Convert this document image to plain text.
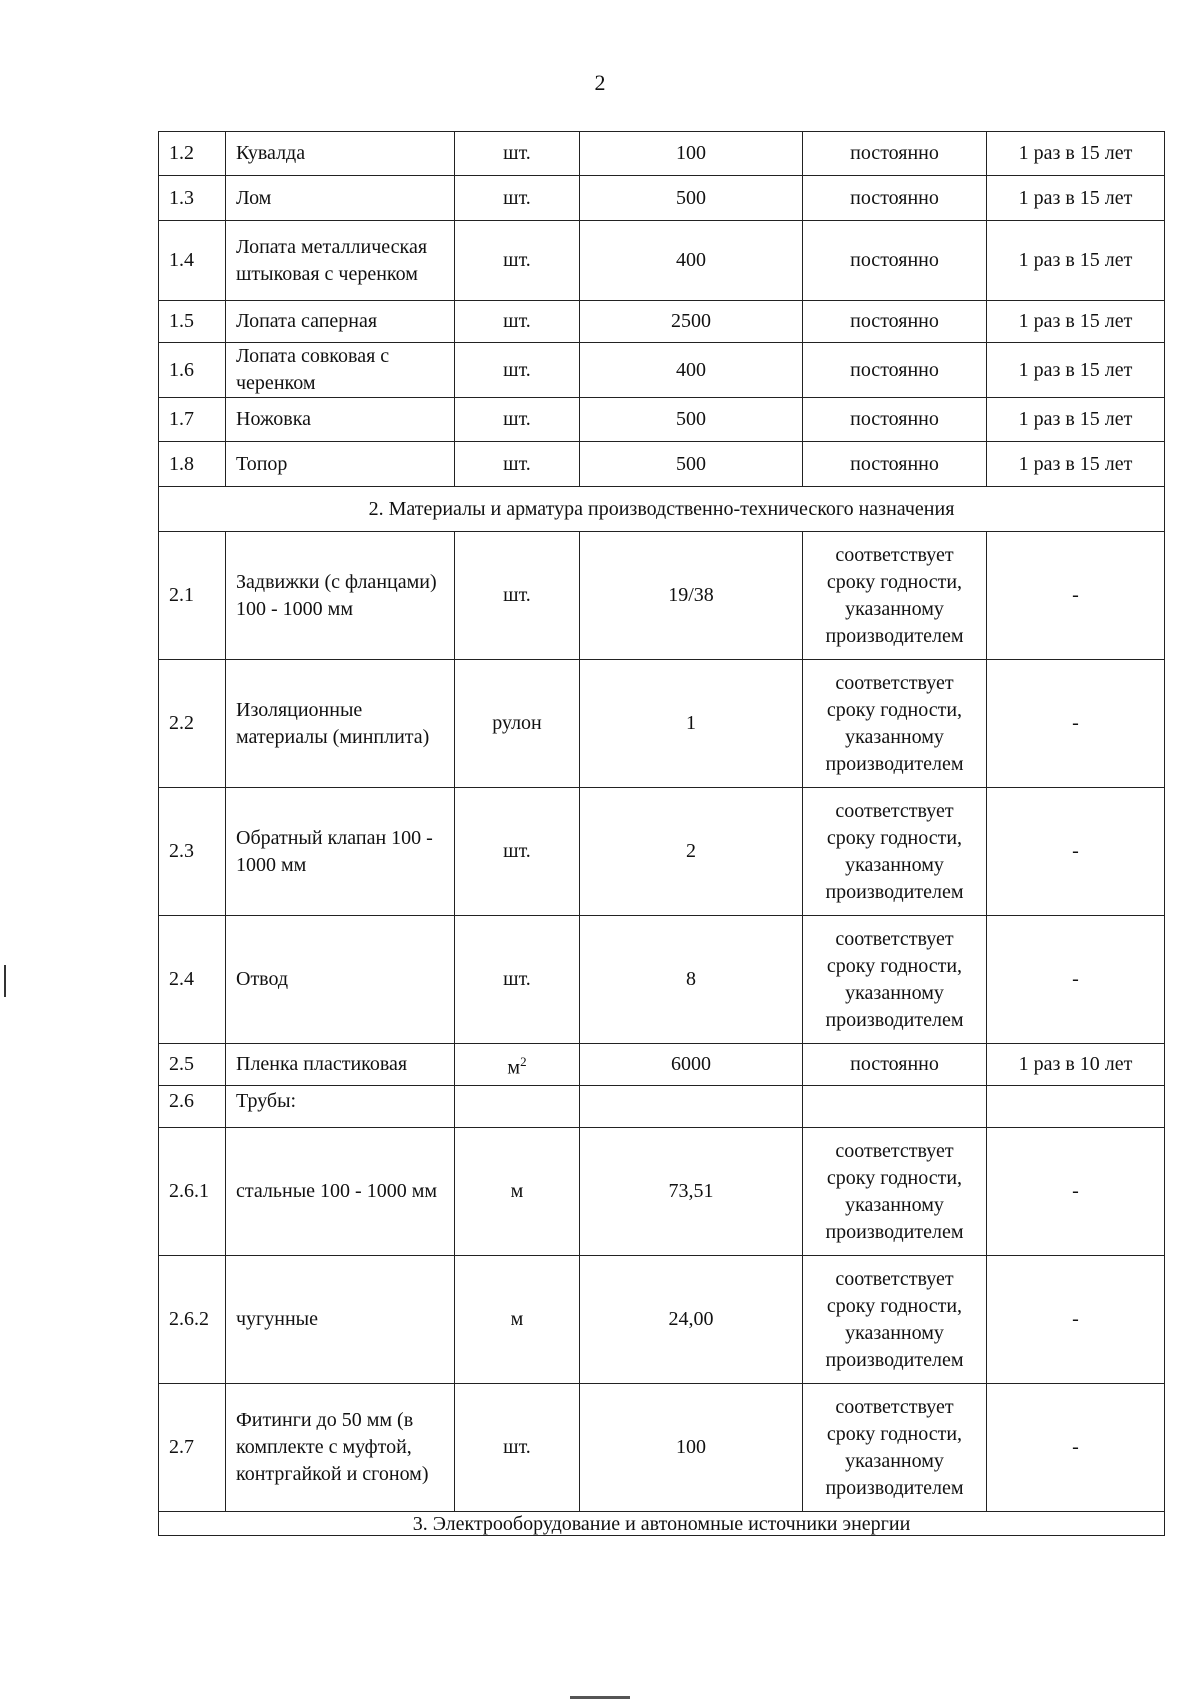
2
1.2	Кувалда	шт.	100	постоянно	1 раз в 15 лет
1.3	Лом	шт.	500	постоянно	1 раз в 15 лет
1.4	Лопата металлическая штыковая с черенком	шт.	400	постоянно	1 раз в 15 лет
1.5	Лопата саперная	шт.	2500	постоянно	1 раз в 15 лет
1.6	Лопата совковая с черенком	шт.	400	постоянно	1 раз в 15 лет
1.7	Ножовка	шт.	500	постоянно	1 раз в 15 лет
1.8	Топор	шт.	500	постоянно	1 раз в 15 лет
2. Материалы и арматура производственно-технического назначения					
2.1	Задвижки (с фланцами) 100 - 1000 мм	шт.	19/38	соответствует сроку годности, указанному производителем	-
2.2	Изоляционные материалы (минплита)	рулон	1	соответствует сроку годности, указанному производителем	-
2.3	Обратный клапан 100 - 1000 мм	шт.	2	соответствует сроку годности, указанному производителем	-
2.4	Отвод	шт.	8	соответствует сроку годности, указанному производителем	-
2.5	Пленка пластиковая	$м^2$	6000	постоянно	1 раз в 10 лет
2.6	Трубы:				
2.6.1	стальные 100 - 1000 мм	м	73,51	соответствует сроку годности, указанному производителем	-
2.6.2	чугунные	м	24,00	соответствует сроку годности, указанному производителем	-
2.7	Фитинги до 50 мм (в комплекте с муфтой, контргайкой и сгоном)	шт.	100	соответствует сроку годности, указанному производителем	-
3. Электрооборудование и автономные источники энергии					
